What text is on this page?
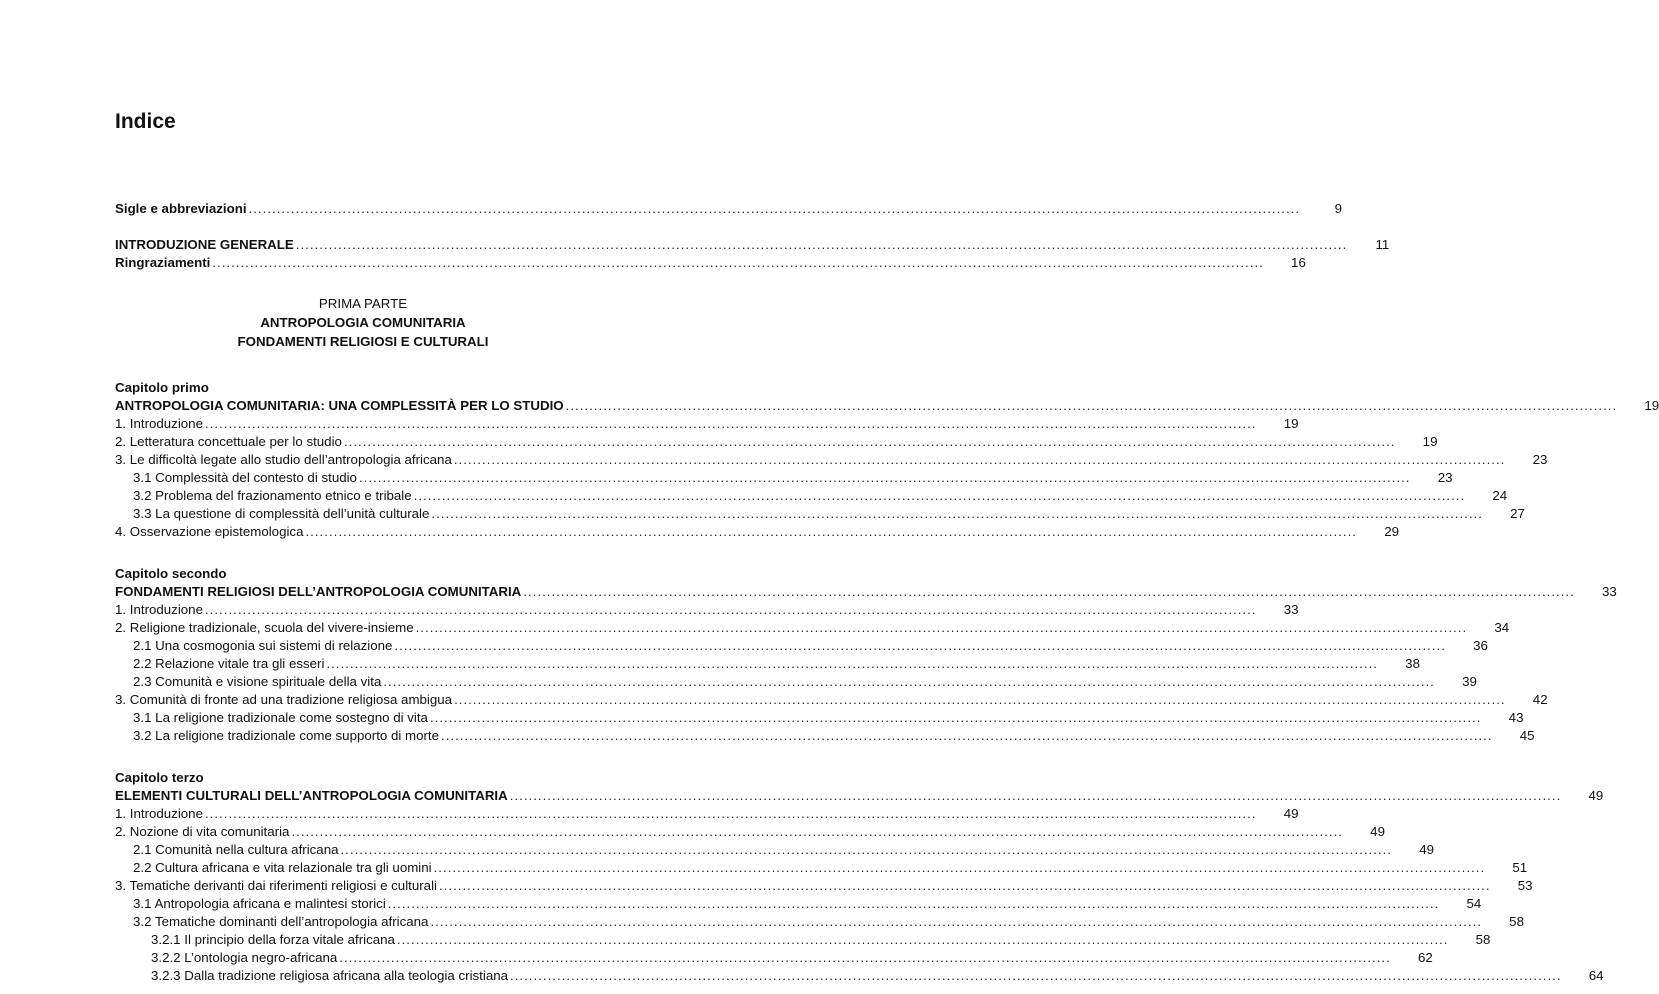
Indice
Sigle e abbreviazioni .....	9
INTRODUZIONE GENERALE .....	11
Ringraziamenti .....	16
PRIMA PARTE
ANTROPOLOGIA COMUNITARIA
FONDAMENTI RELIGIOSI E CULTURALI
Capitolo primo
ANTROPOLOGIA COMUNITARIA: UNA COMPLESSITÀ PER LO STUDIO .....	19
1. Introduzione .....	19
2. Letteratura concettuale per lo studio .....	19
3. Le difficoltà legate allo studio dell’antropologia africana .....	23
3.1 Complessità del contesto di studio .....	23
3.2 Problema del frazionamento etnico e tribale .....	24
3.3 La questione di complessità dell’unità culturale .....	27
4. Osservazione epistemologica .....	29
Capitolo secondo
FONDAMENTI RELIGIOSI DELL’ANTROPOLOGIA COMUNITARIA .....	33
1. Introduzione .....	33
2. Religione tradizionale, scuola del vivere-insieme .....	34
2.1 Una cosmogonia sui sistemi di relazione .....	36
2.2 Relazione vitale tra gli esseri .....	38
2.3 Comunità e visione spirituale della vita .....	39
3. Comunità di fronte ad una tradizione religiosa ambigua .....	42
3.1 La religione tradizionale come sostegno di vita .....	43
3.2 La religione tradizionale come supporto di morte .....	45
Capitolo terzo
ELEMENTI CULTURALI DELL’ANTROPOLOGIA COMUNITARIA .....	49
1. Introduzione .....	49
2. Nozione di vita comunitaria .....	49
2.1 Comunità nella cultura africana .....	49
2.2 Cultura africana e vita relazionale tra gli uomini .....	51
3. Tematiche derivanti dai riferimenti religiosi e culturali .....	53
3.1 Antropologia africana e malintesi storici .....	54
3.2 Tematiche dominanti dell’antropologia africana .....	58
3.2.1 Il principio della forza vitale africana .....	58
3.2.2 L’ontologia negro-africana .....	62
3.2.3 Dalla tradizione religiosa africana alla teologia cristiana .....	64
